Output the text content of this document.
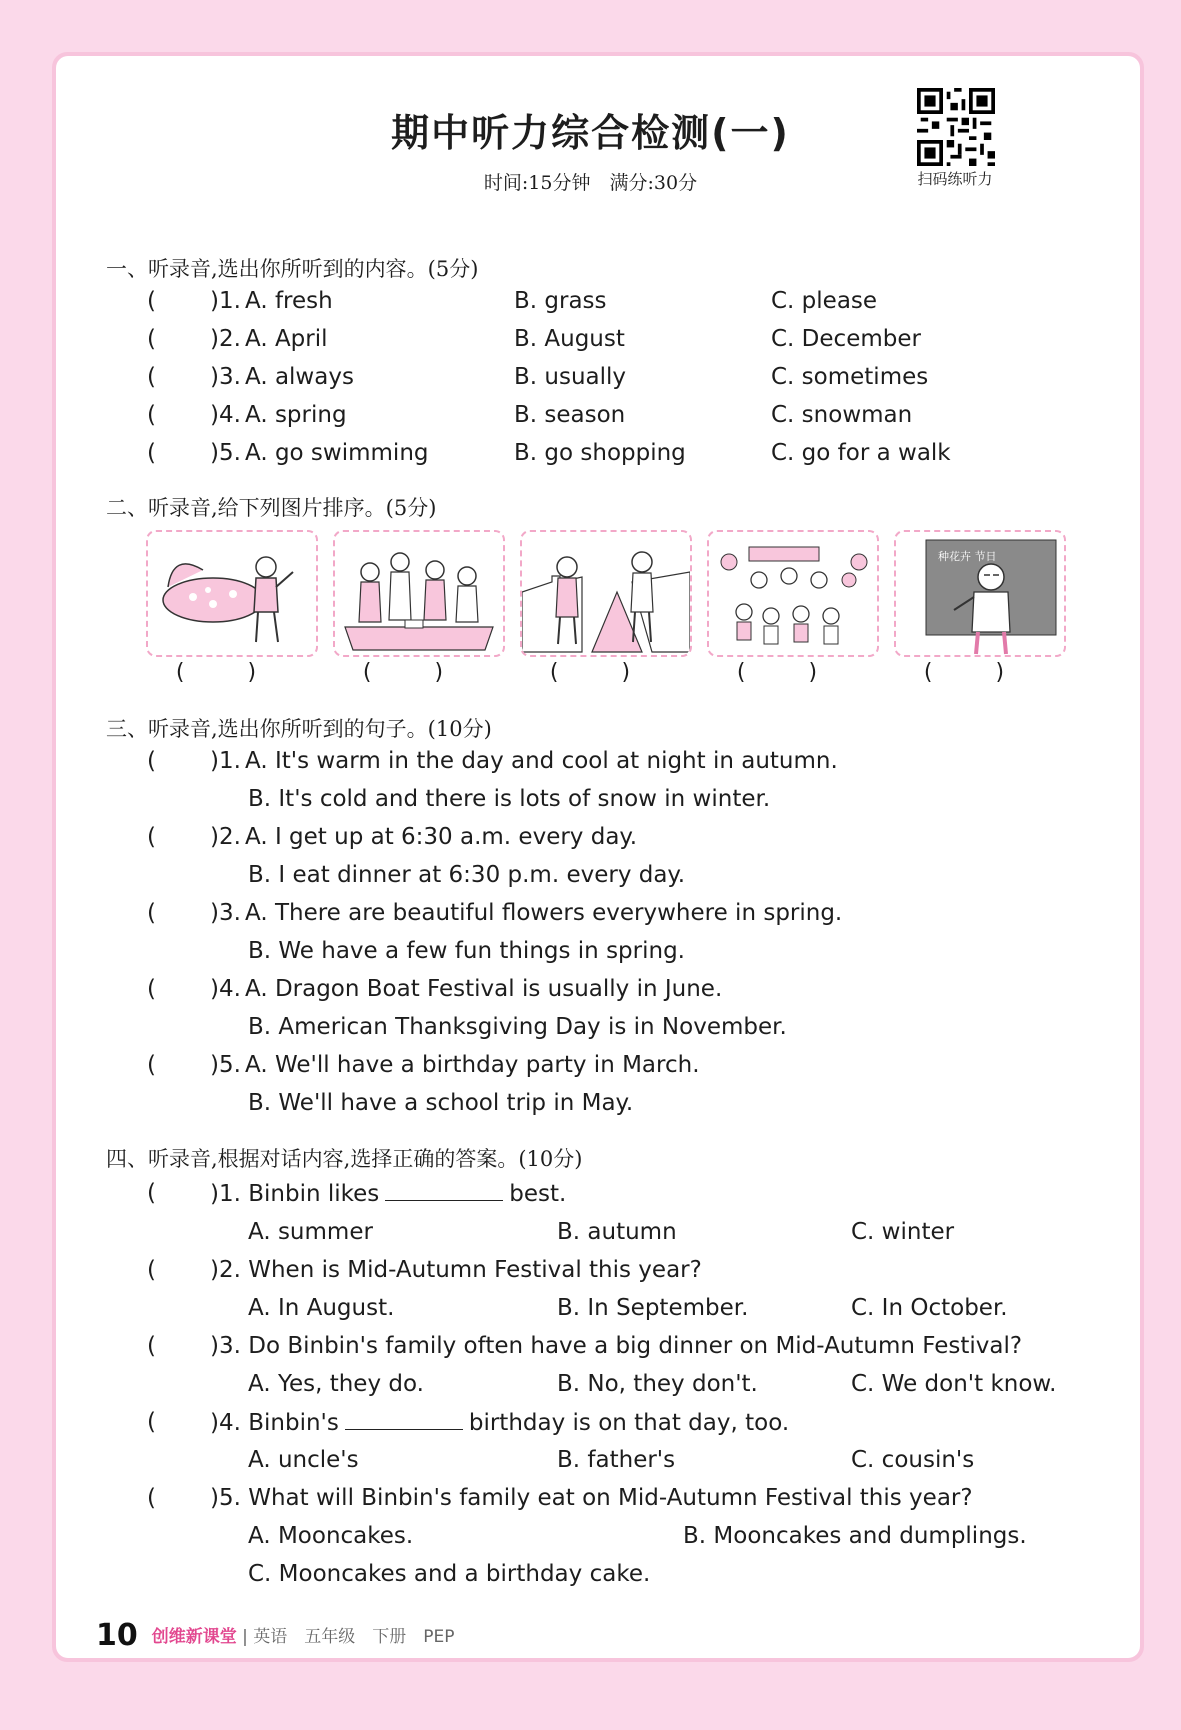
期中听力综合检测(一)
时间:15分钟　满分:30分	扫码练听力
一、听录音,选出你所听到的内容。(5分)
( )1. A. fresh	B. grass	C. please
( )2. A. April	B. August	C. December
( )3. A. always	B. usually	C. sometimes
( )4. A. spring	B. season	C. snowman
( )5. A. go swimming	B. go shopping	C. go for a walk
二、听录音,给下列图片排序。(5分)
种花卉 节日
( )	( )	( )	( )	( )
三、听录音,选出你所听到的句子。(10分)
( )1. A. It's warm in the day and cool at night in autumn.
B. It's cold and there is lots of snow in winter.
( )2. A. I get up at 6:30 a.m. every day.
B. I eat dinner at 6:30 p.m. every day.
( )3. A. There are beautiful flowers everywhere in spring.
B. We have a few fun things in spring.
( )4. A. Dragon Boat Festival is usually in June.
B. American Thanksgiving Day is in November.
( )5. A. We'll have a birthday party in March.
B. We'll have a school trip in May.
四、听录音,根据对话内容,选择正确的答案。(10分)
( )1. Binbin likes	best.
A. summer	B. autumn	C. winter
( )2. When is Mid-Autumn Festival this year?
A. In August.	B. In September.	C. In October.
( )3. Do Binbin's family often have a big dinner on Mid-Autumn Festival?
A. Yes, they do.	B. No, they don't.	C. We don't know.
( )4. Binbin's	birthday is on that day, too.
A. uncle's	B. father's	C. cousin's
( )5. What will Binbin's family eat on Mid-Autumn Festival this year?
A. Mooncakes.	B. Mooncakes and dumplings.
C. Mooncakes and a birthday cake.
10 创维新课堂 | 英语　五年级　下册　PEP
